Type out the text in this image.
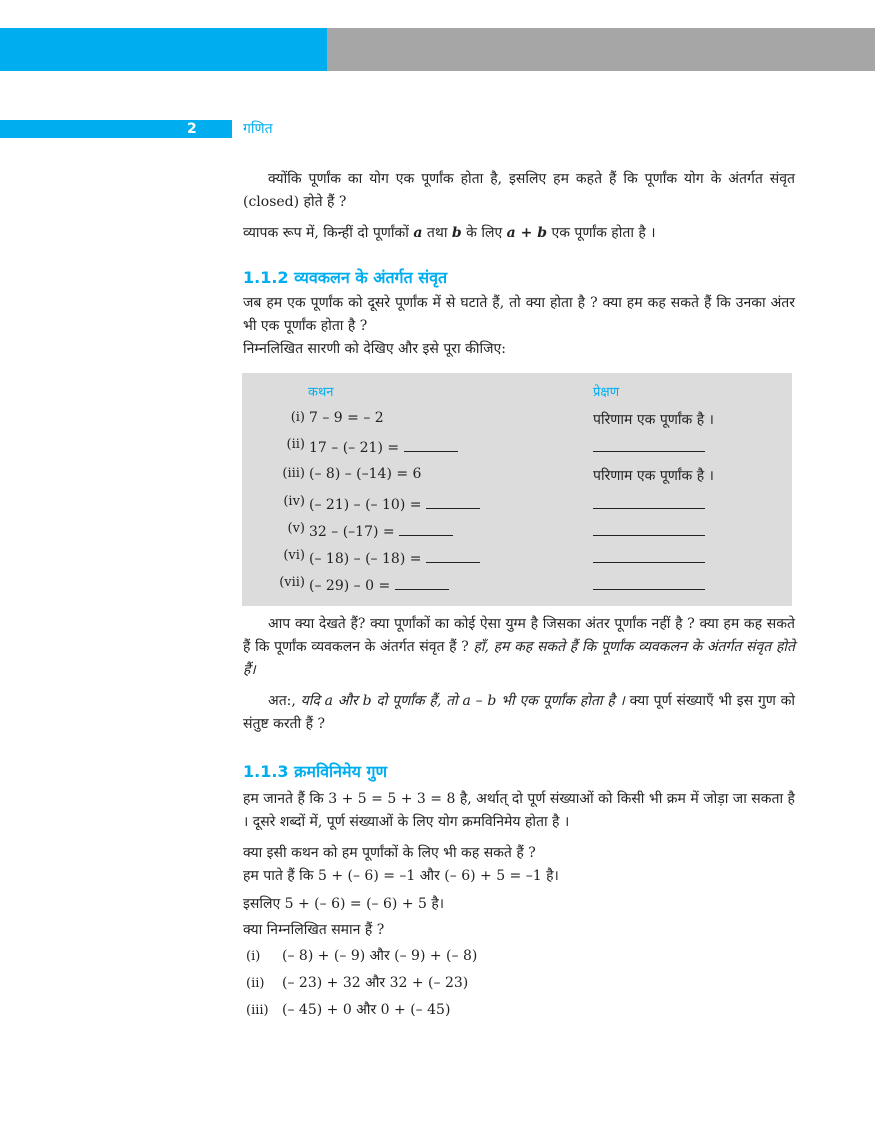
2	गणित
क्योंकि पूर्णांक का योग एक पूर्णांक होता है, इसलिए हम कहते हैं कि पूर्णांक योग के अंतर्गत संवृत (closed) होते हैं ?
व्यापक रूप में, किन्हीं दो पूर्णांकों a तथा b के लिए a + b एक पूर्णांक होता है ।
1.1.2 व्यवकलन के अंतर्गत संवृत
जब हम एक पूर्णांक को दूसरे पूर्णांक में से घटाते हैं, तो क्या होता है ? क्या हम कह सकते हैं कि उनका अंतर भी एक पूर्णांक होता है ?
निम्नलिखित सारणी को देखिए और इसे पूरा कीजिए:
कथन	प्रेक्षण
(i) 7 – 9 = – 2	परिणाम एक पूर्णांक है ।
(ii) 17 – (– 21) =
(iii) (– 8) – (–14) = 6	परिणाम एक पूर्णांक है ।
(iv) (– 21) – (– 10) =
(v) 32 – (–17) =
(vi) (– 18) – (– 18) =
(vii) (– 29) – 0 =
आप क्या देखते हैं? क्या पूर्णांकों का कोई ऐसा युग्म है जिसका अंतर पूर्णांक नहीं है ? क्या हम कह सकते हैं कि पूर्णांक व्यवकलन के अंतर्गत संवृत हैं ? हाँ, हम कह सकते हैं कि पूर्णांक व्यवकलन के अंतर्गत संवृत होते हैं।
अत:, यदि a और b दो पूर्णांक हैं, तो a – b भी एक पूर्णांक होता है । क्या पूर्ण संख्याएँ भी इस गुण को संतुष्ट करती हैं ?
1.1.3 क्रमविनिमेय गुण
हम जानते हैं कि 3 + 5 = 5 + 3 = 8 है, अर्थात् दो पूर्ण संख्याओं को किसी भी क्रम में जोड़ा जा सकता है । दूसरे शब्दों में, पूर्ण संख्याओं के लिए योग क्रमविनिमेय होता है ।
क्या इसी कथन को हम पूर्णांकों के लिए भी कह सकते हैं ?
हम पाते हैं कि 5 + (– 6) = –1 और (– 6) + 5 = –1 है।
इसलिए 5 + (– 6) = (– 6) + 5 है।
क्या निम्नलिखित समान हैं ?
(i) (– 8) + (– 9) और (– 9) + (– 8)
(ii) (– 23) + 32 और 32 + (– 23)
(iii) (– 45) + 0 और 0 + (– 45)
